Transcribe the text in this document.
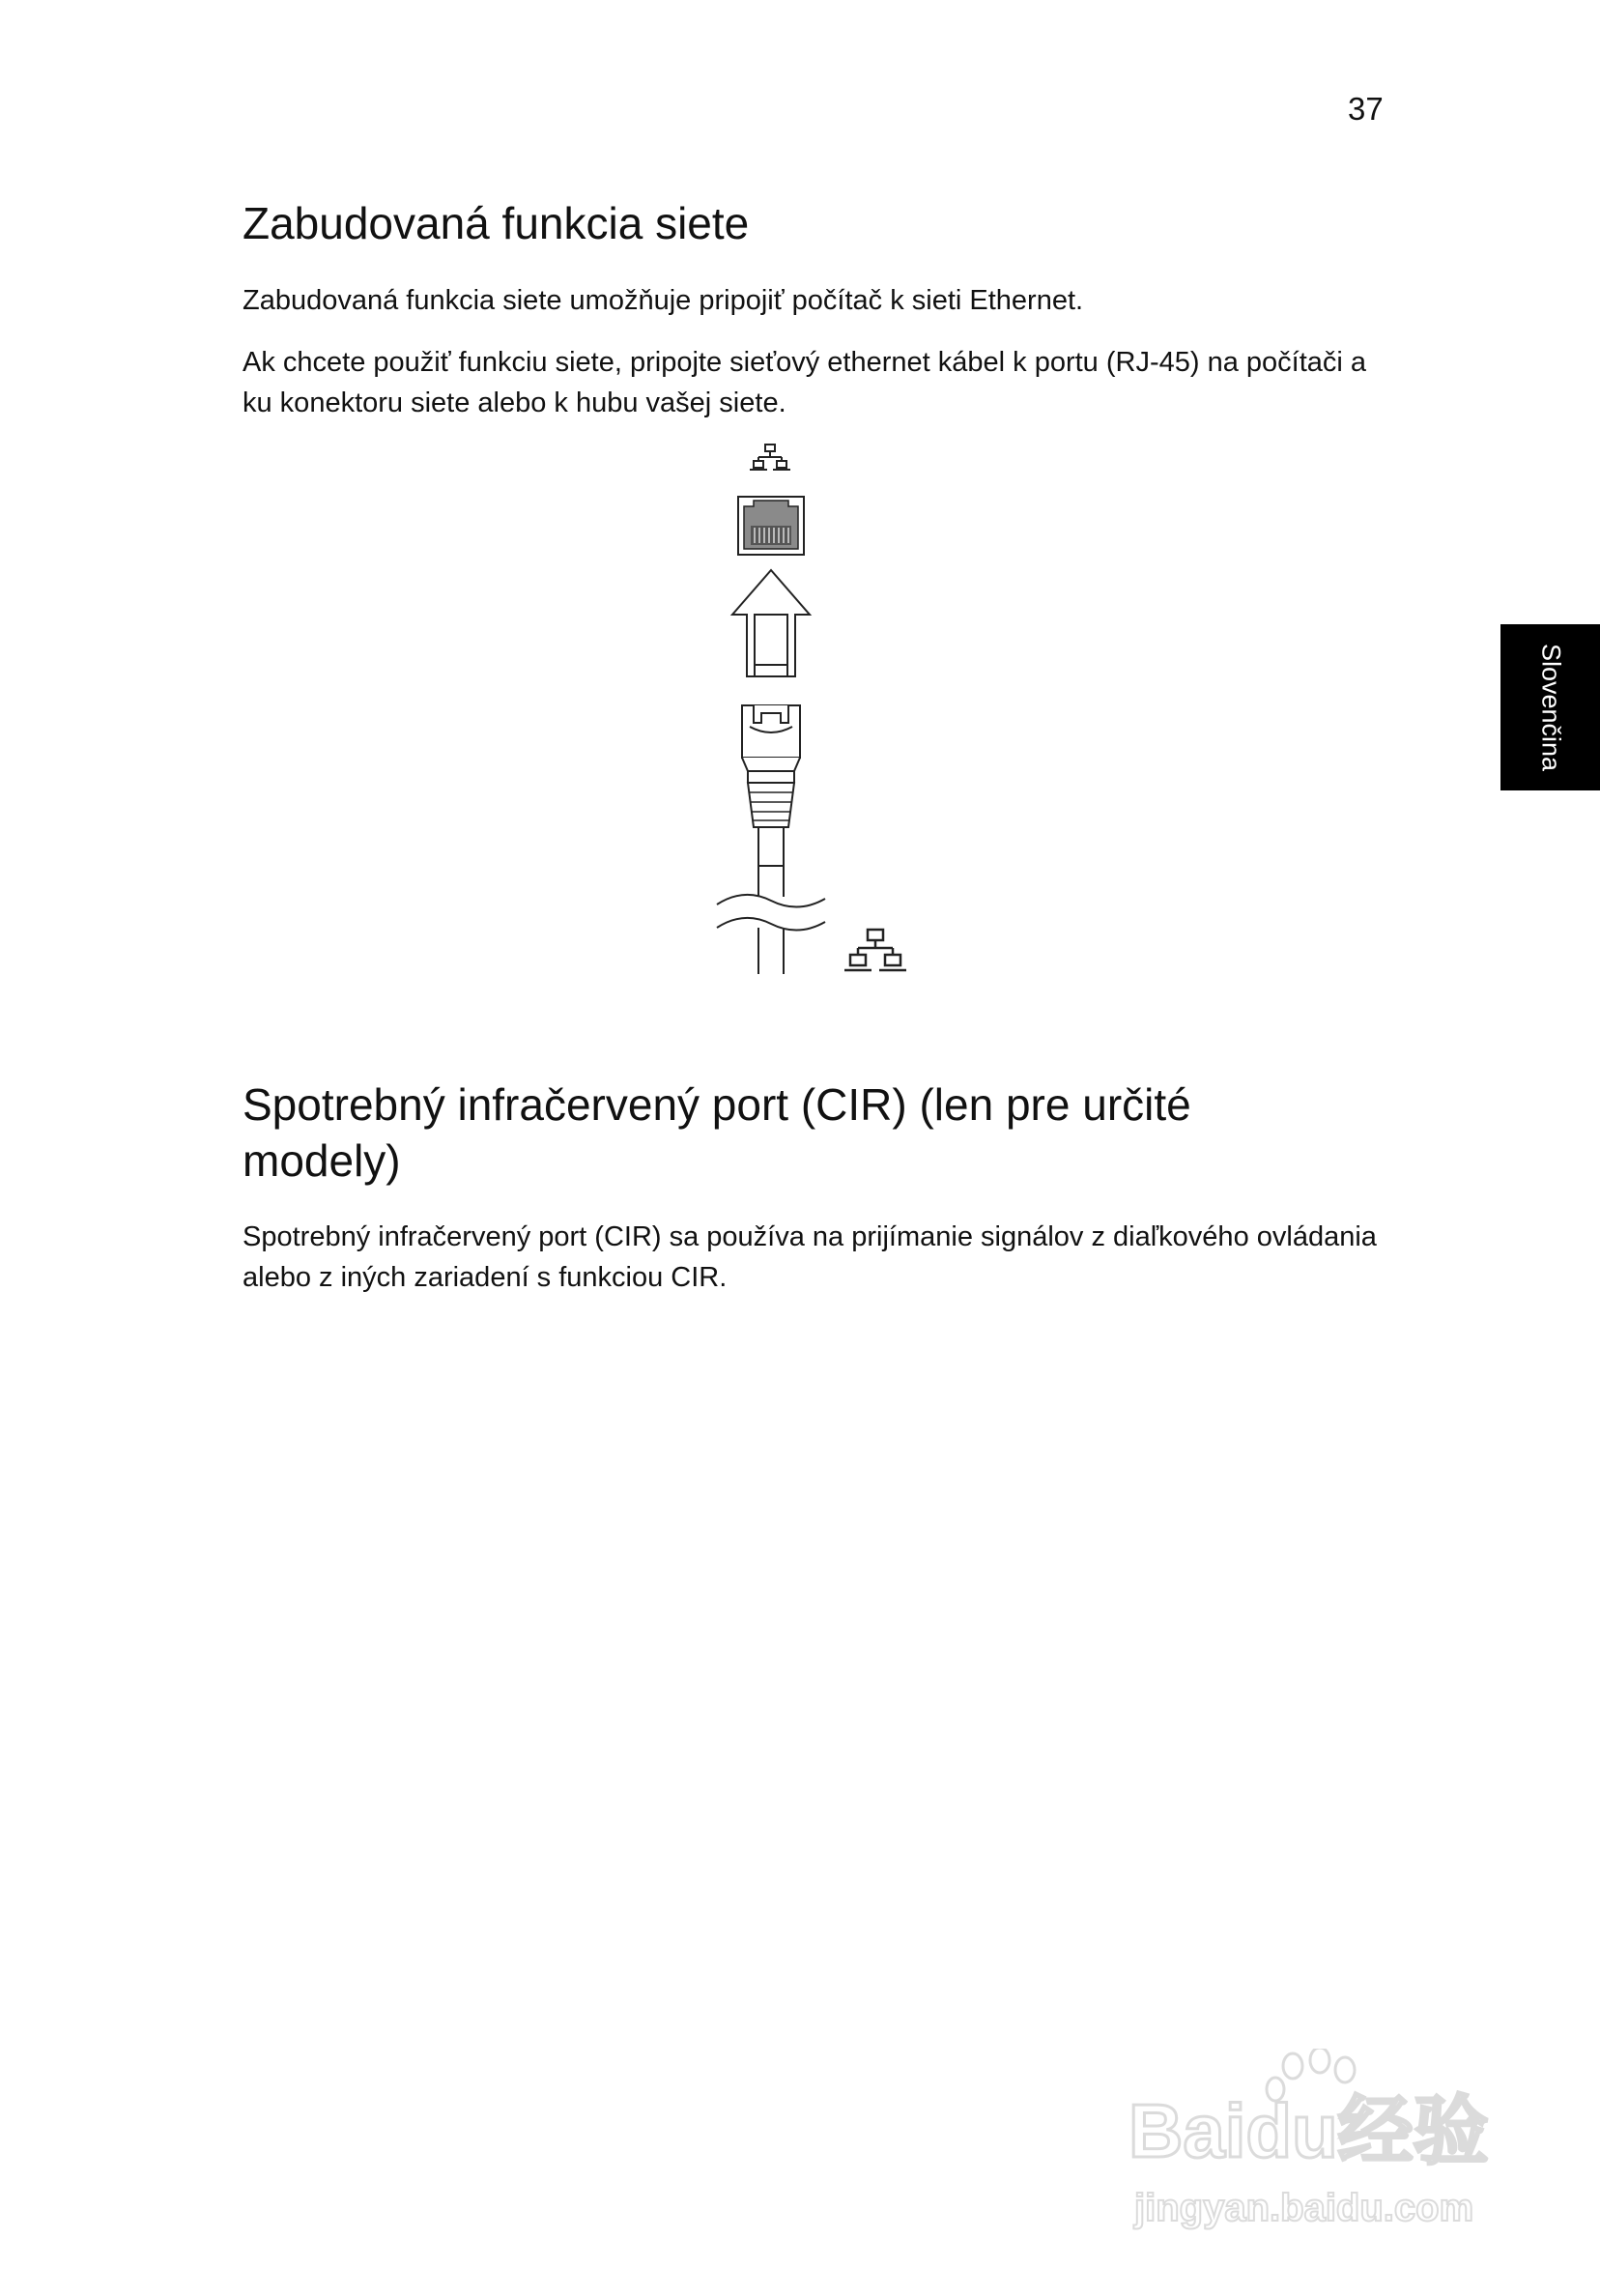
37
Zabudovaná funkcia siete

Zabudovaná funkcia siete umožňuje pripojiť počítač k sieti Ethernet.

Ak chcete použiť funkciu siete, pripojte sieťový ethernet kábel k portu (RJ-45) na počítači a ku konektoru siete alebo k hubu vašej siete.

Spotrebný infračervený port (CIR) (len pre určité modely)

Spotrebný infračervený port (CIR) sa používa na prijímanie signálov z diaľkového ovládania alebo z iných zariadení s funkciou CIR.

Slovenčina
Baidu经验
jingyan.baidu.com
